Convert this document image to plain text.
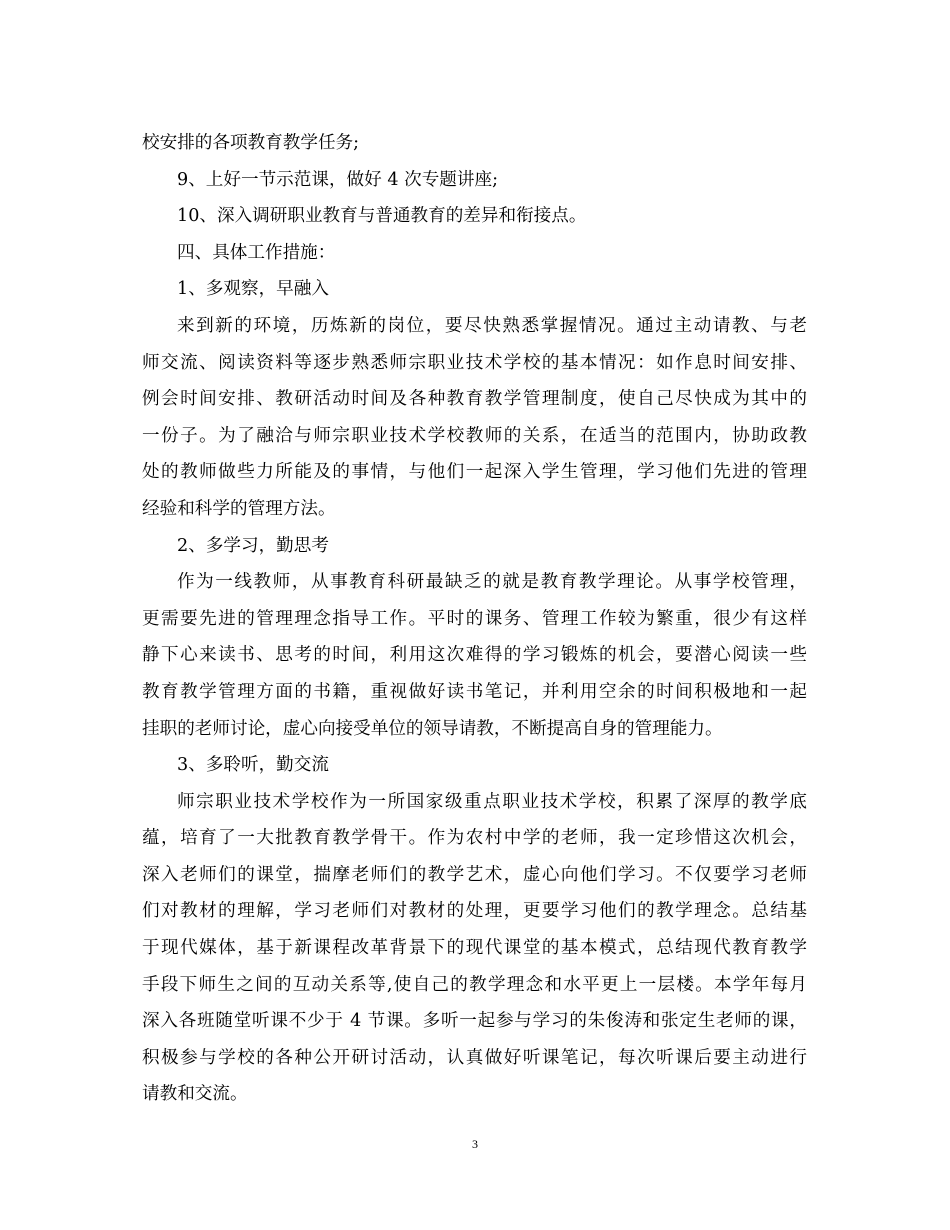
校安排的各项教育教学任务;
9、上好一节示范课，做好 4 次专题讲座;
10、深入调研职业教育与普通教育的差异和衔接点。
四、具体工作措施：
1、多观察，早融入
来到新的环境，历炼新的岗位，要尽快熟悉掌握情况。通过主动请教、与老
师交流、阅读资料等逐步熟悉师宗职业技术学校的基本情况：如作息时间安排、
例会时间安排、教研活动时间及各种教育教学管理制度，使自己尽快成为其中的
一份子。为了融洽与师宗职业技术学校教师的关系，在适当的范围内，协助政教
处的教师做些力所能及的事情，与他们一起深入学生管理，学习他们先进的管理
经验和科学的管理方法。
2、多学习，勤思考
作为一线教师，从事教育科研最缺乏的就是教育教学理论。从事学校管理，
更需要先进的管理理念指导工作。平时的课务、管理工作较为繁重，很少有这样
静下心来读书、思考的时间，利用这次难得的学习锻炼的机会，要潜心阅读一些
教育教学管理方面的书籍，重视做好读书笔记，并利用空余的时间积极地和一起
挂职的老师讨论，虚心向接受单位的领导请教，不断提高自身的管理能力。
3、多聆听，勤交流
师宗职业技术学校作为一所国家级重点职业技术学校，积累了深厚的教学底
蕴，培育了一大批教育教学骨干。作为农村中学的老师，我一定珍惜这次机会，
深入老师们的课堂，揣摩老师们的教学艺术，虚心向他们学习。不仅要学习老师
们对教材的理解，学习老师们对教材的处理，更要学习他们的教学理念。总结基
于现代媒体，基于新课程改革背景下的现代课堂的基本模式，总结现代教育教学
手段下师生之间的互动关系等,使自己的教学理念和水平更上一层楼。本学年每月
深入各班随堂听课不少于 4 节课。多听一起参与学习的朱俊涛和张定生老师的课，
积极参与学校的各种公开研讨活动，认真做好听课笔记，每次听课后要主动进行
请教和交流。
3
